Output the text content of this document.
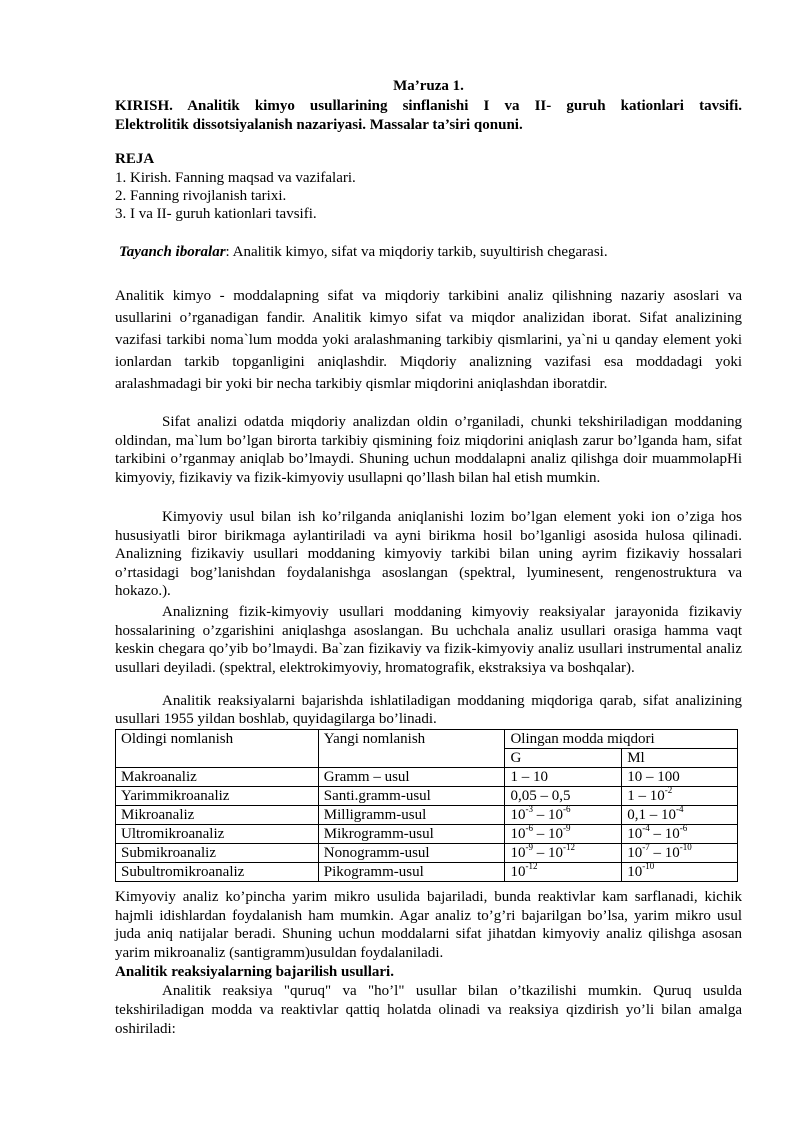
Ma’ruza 1.
KIRISH. Analitik kimyo usullarining sinflanishi I va II- guruh kationlari tavsifi.
Elektrolitik dissotsiyalanish nazariyasi. Massalar ta’siri qonuni.
REJA
1. Kirish. Fanning maqsad va vazifalari.
2. Fanning rivojlanish tarixi.
3. I va II- guruh kationlari tavsifi.
Tayanch iboralar: Analitik kimyo, sifat va miqdoriy tarkib, suyultirish chegarasi.
Analitik kimyo - moddalapning sifat va miqdoriy tarkibini analiz qilishning nazariy asoslari va usullarini o’rganadigan fandir. Analitik kimyo sifat va miqdor analizidan iborat. Sifat analizining vazifasi tarkibi noma`lum modda yoki aralashmaning tarkibiy qismlarini, ya`ni u qanday element yoki ionlardan tarkib topganligini aniqlashdir. Miqdoriy analizning vazifasi esa moddadagi yoki aralashmadagi bir yoki bir necha tarkibiy qismlar miqdorini aniqlashdan iboratdir.
Sifat analizi odatda miqdoriy analizdan oldin o’rganiladi, chunki tekshiriladigan moddaning oldindan, ma`lum bo’lgan birorta tarkibiy qismining foiz miqdorini aniqlash zarur bo’lganda ham, sifat tarkibini o’rganmay aniqlab bo’lmaydi. Shuning uchun moddalapni analiz qilishga doir muammolapHi kimyoviy, fizikaviy va fizik-kimyoviy usullapni qo’llash bilan hal etish mumkin.
Kimyoviy usul bilan ish ko’rilganda aniqlanishi lozim bo’lgan element yoki ion o’ziga hos hususiyatli biror birikmaga aylantiriladi va ayni birikma hosil bo’lganligi asosida hulosa qilinadi. Analizning fizikaviy usullari moddaning kimyoviy tarkibi bilan uning ayrim fizikaviy hossalari o’rtasidagi bog’lanishdan foydalanishga asoslangan (spektral, lyuminesent, rengenostruktura va hokazo.).
Analizning fizik-kimyoviy usullari moddaning kimyoviy reaksiyalar jarayonida fizikaviy hossalarining o’zgarishini aniqlashga asoslangan. Bu uchchala analiz usullari orasiga hamma vaqt keskin chegara qo’yib bo’lmaydi. Ba`zan fizikaviy va fizik-kimyoviy analiz usullari instrumental analiz usullari deyiladi. (spektral, elektrokimyoviy, hromatografik, ekstraksiya va boshqalar).
Analitik reaksiyalarni bajarishda ishlatiladigan moddaning miqdoriga qarab, sifat analizining usullari 1955 yildan boshlab, quyidagilarga bo’linadi.
Oldingi nomlanish	Yangi nomlanish	Olingan modda miqdori	
		G	Ml
Makroanaliz	Gramm – usul	1 – 10	10 – 100
Yarimmikroanaliz	Santi.gramm-usul	0,05 – 0,5	$1 - 10^{-2}$
Mikroanaliz	Milligramm-usul	$10^{-3} - 10^{-6}$	$0,1 - 10^{-4}$
Ultromikroanaliz	Mikrogramm-usul	$10^{-6} - 10^{-9}$	$10^{-4} - 10^{-6}$
Submikroanaliz	Nonogramm-usul	$10^{-9} - 10^{-12}$	$10^{-7} - 10^{-10}$
Subultromikroanaliz	Pikogramm-usul	$10^{-12}$	$10^{-10}$
Kimyoviy analiz ko’pincha yarim mikro usulida bajariladi, bunda reaktivlar kam sarflanadi, kichik hajmli idishlardan foydalanish ham mumkin. Agar analiz to’g’ri bajarilgan bo’lsa, yarim mikro usul juda aniq natijalar beradi. Shuning uchun moddalarni sifat jihatdan kimyoviy analiz qilishga asosan yarim mikroanaliz (santigramm)usuldan foydalaniladi.
Analitik reaksiyalarning bajarilish usullari.
Analitik reaksiya "quruq" va "ho’l" usullar bilan o’tkazilishi mumkin. Quruq usulda tekshiriladigan modda va reaktivlar qattiq holatda olinadi va reaksiya qizdirish yo’li bilan amalga oshiriladi:
